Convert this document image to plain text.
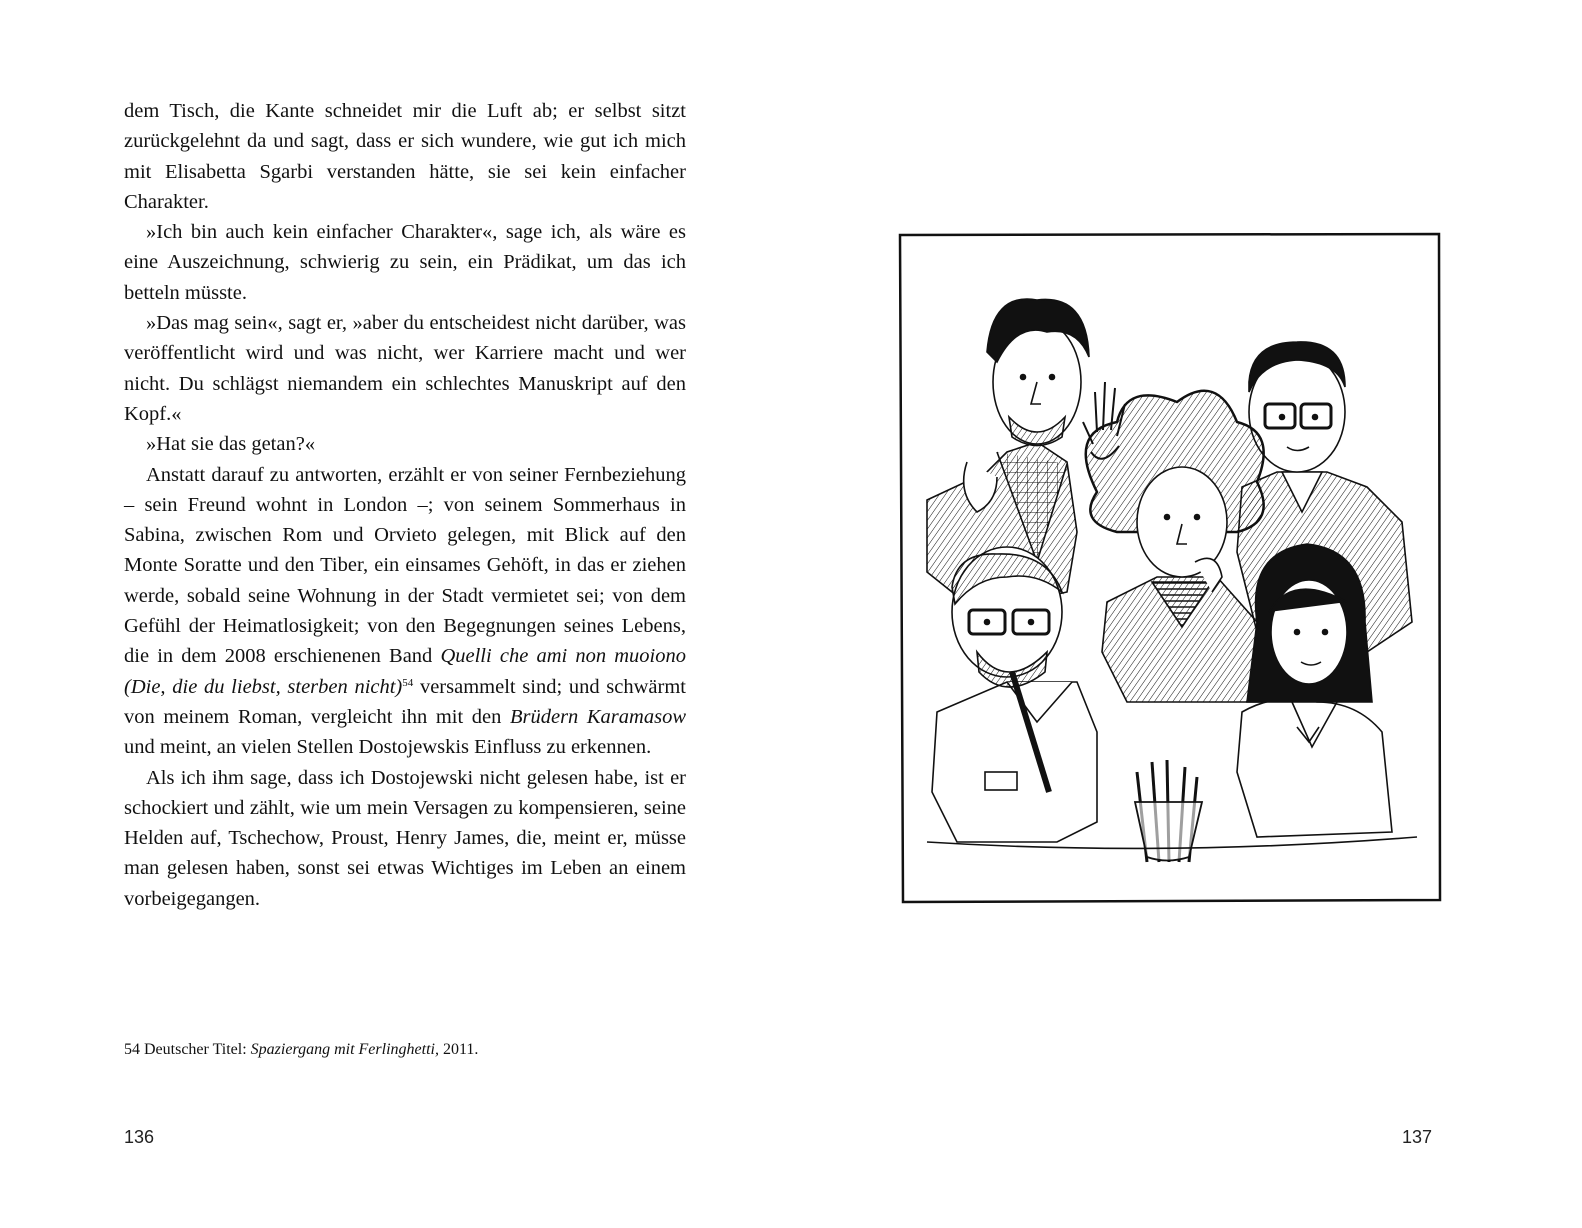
dem Tisch, die Kante schneidet mir die Luft ab; er selbst sitzt zurückgelehnt da und sagt, dass er sich wundere, wie gut ich mich mit Elisabetta Sgarbi verstanden hätte, sie sei kein einfacher Charakter.

»Ich bin auch kein einfacher Charakter«, sage ich, als wäre es eine Auszeichnung, schwierig zu sein, ein Prädikat, um das ich betteln müsste.

»Das mag sein«, sagt er, »aber du entscheidest nicht darüber, was veröffentlicht wird und was nicht, wer Karriere macht und wer nicht. Du schlägst niemandem ein schlechtes Manuskript auf den Kopf.«

»Hat sie das getan?«

Anstatt darauf zu antworten, erzählt er von seiner Fernbeziehung – sein Freund wohnt in London –; von seinem Sommerhaus in Sabina, zwischen Rom und Orvieto gelegen, mit Blick auf den Monte Soratte und den Tiber, ein einsames Gehöft, in das er ziehen werde, sobald seine Wohnung in der Stadt vermietet sei; von dem Gefühl der Heimatlosigkeit; von den Begegnungen seines Lebens, die in dem 2008 erschienenen Band Quelli che ami non muoiono (Die, die du liebst, sterben nicht)$^{54}$ versammelt sind; und schwärmt von meinem Roman, vergleicht ihn mit den Brüdern Karamasow und meint, an vielen Stellen Dostojewskis Einfluss zu erkennen.

Als ich ihm sage, dass ich Dostojewski nicht gelesen habe, ist er schockiert und zählt, wie um mein Versagen zu kompensieren, seine Helden auf, Tschechow, Proust, Henry James, die, meint er, müsse man gelesen haben, sonst sei etwas Wichtiges im Leben an einem vorbeigegangen.

54 Deutscher Titel: Spaziergang mit Ferlinghetti, 2011.
136	137
